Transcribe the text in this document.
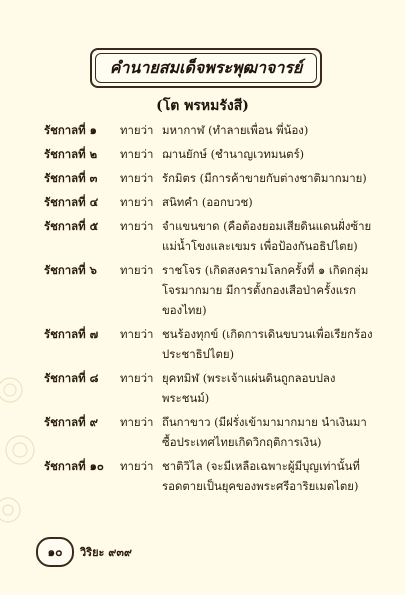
คำนายสมเด็จพระพุฒาจารย์
(โต พรหมรังสี)
รัชกาลที่ ๑	ทายว่า มหากาฬ (ทำลายเพื่อน พี่น้อง)
รัชกาลที่ ๒	ทายว่า ฌานยักษ์ (ชำนาญเวทมนตร์)
รัชกาลที่ ๓	ทายว่า รักมิตร (มีการค้าขายกับต่างชาติมากมาย)
รัชกาลที่ ๔	ทายว่า สนิทคำ (ออกบวช)
รัชกาลที่ ๕	ทายว่า จำแขนขาด (คือต้องยอมเสียดินแดนฝั่งซ้ายแม่น้ำโขงและเขมร เพื่อป้องกันอธิปไตย)
รัชกาลที่ ๖	ทายว่า ราชโจร (เกิดสงครามโลกครั้งที่ ๑ เกิดกลุ่มโจรมากมาย มีการตั้งกองเสือป่าครั้งแรกของไทย)
รัชกาลที่ ๗	ทายว่า ชนร้องทุกข์ (เกิดการเดินขบวนเพื่อเรียกร้องประชาธิปไตย)
รัชกาลที่ ๘	ทายว่า ยุคทมิฬ (พระเจ้าแผ่นดินถูกลอบปลงพระชนม์)
รัชกาลที่ ๙	ทายว่า ถึนกาขาว (มีฝรั่งเข้ามามากมาย นำเงินมาซื้อประเทศไทยเกิดวิกฤติการเงิน)
รัชกาลที่ ๑๐	ทายว่า ชาติวิไล (จะมีเหลือเฉพาะผู้มีบุญเท่านั้นที่รอดตายเป็นยุคของพระศรีอาริยเมตไตย)
๑๐	วิริยะ ๙๓๙
